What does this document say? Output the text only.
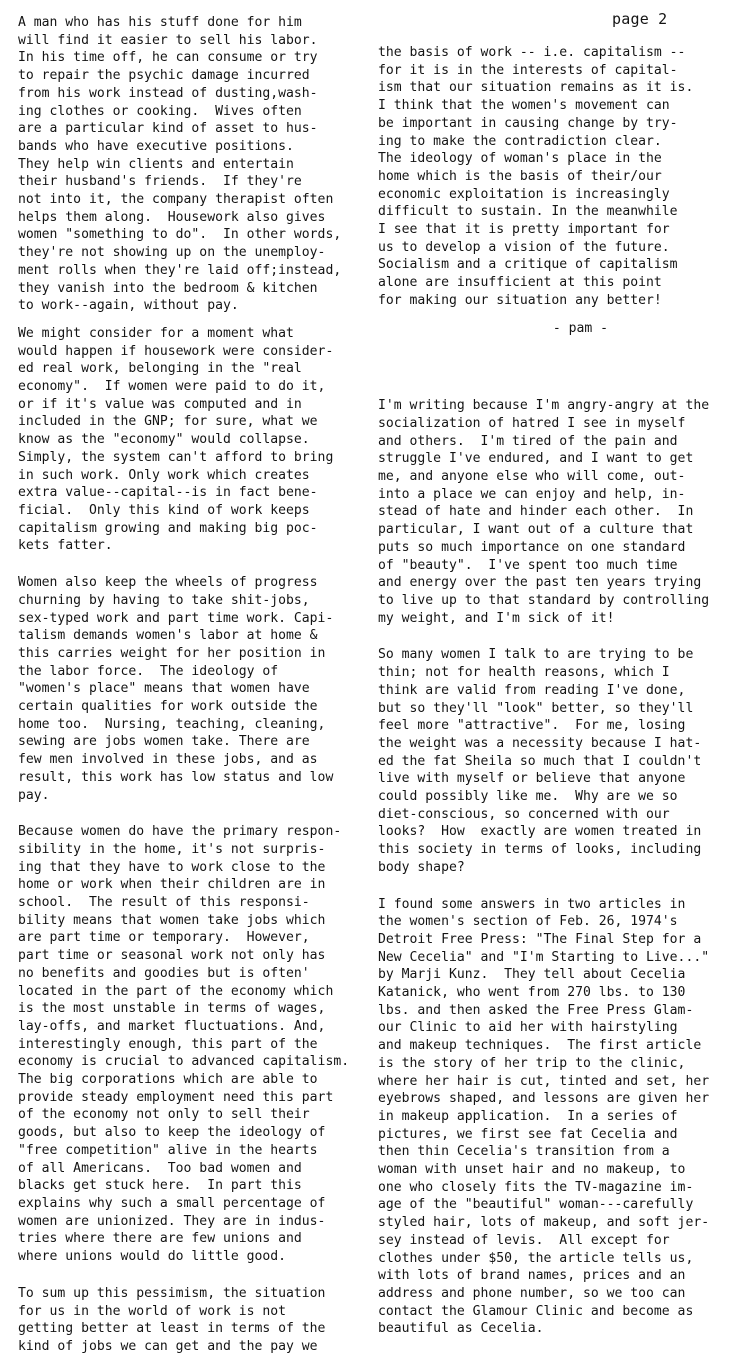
page 2

A man who has his stuff done for him
will find it easier to sell his labor.
In his time off, he can consume or try
to repair the psychic damage incurred
from his work instead of dusting,wash-
ing clothes or cooking.  Wives often
are a particular kind of asset to hus-
bands who have executive positions.
They help win clients and entertain
their husband's friends.  If they're
not into it, the company therapist often
helps them along.  Housework also gives
women "something to do".  In other words,
they're not showing up on the unemploy-
ment rolls when they're laid off;instead,
they vanish into the bedroom & kitchen
to work--again, without pay.

We might consider for a moment what
would happen if housework were consider-
ed real work, belonging in the "real
economy".  If women were paid to do it,
or if it's value was computed and in
included in the GNP; for sure, what we
know as the "economy" would collapse.
Simply, the system can't afford to bring
in such work. Only work which creates
extra value--capital--is in fact bene-
ficial.  Only this kind of work keeps
capitalism growing and making big poc-
kets fatter.

Women also keep the wheels of progress
churning by having to take shit-jobs,
sex-typed work and part time work. Capi-
talism demands women's labor at home &
this carries weight for her position in
the labor force.  The ideology of
"women's place" means that women have
certain qualities for work outside the
home too.  Nursing, teaching, cleaning,
sewing are jobs women take. There are
few men involved in these jobs, and as
result, this work has low status and low
pay.

Because women do have the primary respon-
sibility in the home, it's not surpris-
ing that they have to work close to the
home or work when their children are in
school.  The result of this responsi-
bility means that women take jobs which
are part time or temporary.  However,
part time or seasonal work not only has
no benefits and goodies but is often'
located in the part of the economy which
is the most unstable in terms of wages,
lay-offs, and market fluctuations. And,
interestingly enough, this part of the
economy is crucial to advanced capitalism.
The big corporations which are able to
provide steady employment need this part
of the economy not only to sell their
goods, but also to keep the ideology of
"free competition" alive in the hearts
of all Americans.  Too bad women and
blacks get stuck here.  In part this
explains why such a small percentage of
women are unionized. They are in indus-
tries where there are few unions and
where unions would do little good.

To sum up this pessimism, the situation
for us in the world of work is not
getting better at least in terms of the
kind of jobs we can get and the pay we

the basis of work -- i.e. capitalism --
for it is in the interests of capital-
ism that our situation remains as it is.
I think that the women's movement can
be important in causing change by try-
ing to make the contradiction clear.
The ideology of woman's place in the
home which is the basis of their/our
economic exploitation is increasingly
difficult to sustain. In the meanwhile
I see that it is pretty important for
us to develop a vision of the future.
Socialism and a critique of capitalism
alone are insufficient at this point
for making our situation any better!

- pam -

I'm writing because I'm angry-angry at the
socialization of hatred I see in myself
and others.  I'm tired of the pain and
struggle I've endured, and I want to get
me, and anyone else who will come, out-
into a place we can enjoy and help, in-
stead of hate and hinder each other.  In
particular, I want out of a culture that
puts so much importance on one standard
of "beauty".  I've spent too much time
and energy over the past ten years trying
to live up to that standard by controlling
my weight, and I'm sick of it!

So many women I talk to are trying to be
thin; not for health reasons, which I
think are valid from reading I've done,
but so they'll "look" better, so they'll
feel more "attractive".  For me, losing
the weight was a necessity because I hat-
ed the fat Sheila so much that I couldn't
live with myself or believe that anyone
could possibly like me.  Why are we so
diet-conscious, so concerned with our
looks?  How  exactly are women treated in
this society in terms of looks, including
body shape?

I found some answers in two articles in
the women's section of Feb. 26, 1974's
Detroit Free Press: "The Final Step for a
New Cecelia" and "I'm Starting to Live..."
by Marji Kunz.  They tell about Cecelia
Katanick, who went from 270 lbs. to 130
lbs. and then asked the Free Press Glam-
our Clinic to aid her with hairstyling
and makeup techniques.  The first article
is the story of her trip to the clinic,
where her hair is cut, tinted and set, her
eyebrows shaped, and lessons are given her
in makeup application.  In a series of
pictures, we first see fat Cecelia and
then thin Cecelia's transition from a
woman with unset hair and no makeup, to
one who closely fits the TV-magazine im-
age of the "beautiful" woman---carefully
styled hair, lots of makeup, and soft jer-
sey instead of levis.  All except for
clothes under $50, the article tells us,
with lots of brand names, prices and an
address and phone number, so we too can
contact the Glamour Clinic and become as
beautiful as Cecelia.
